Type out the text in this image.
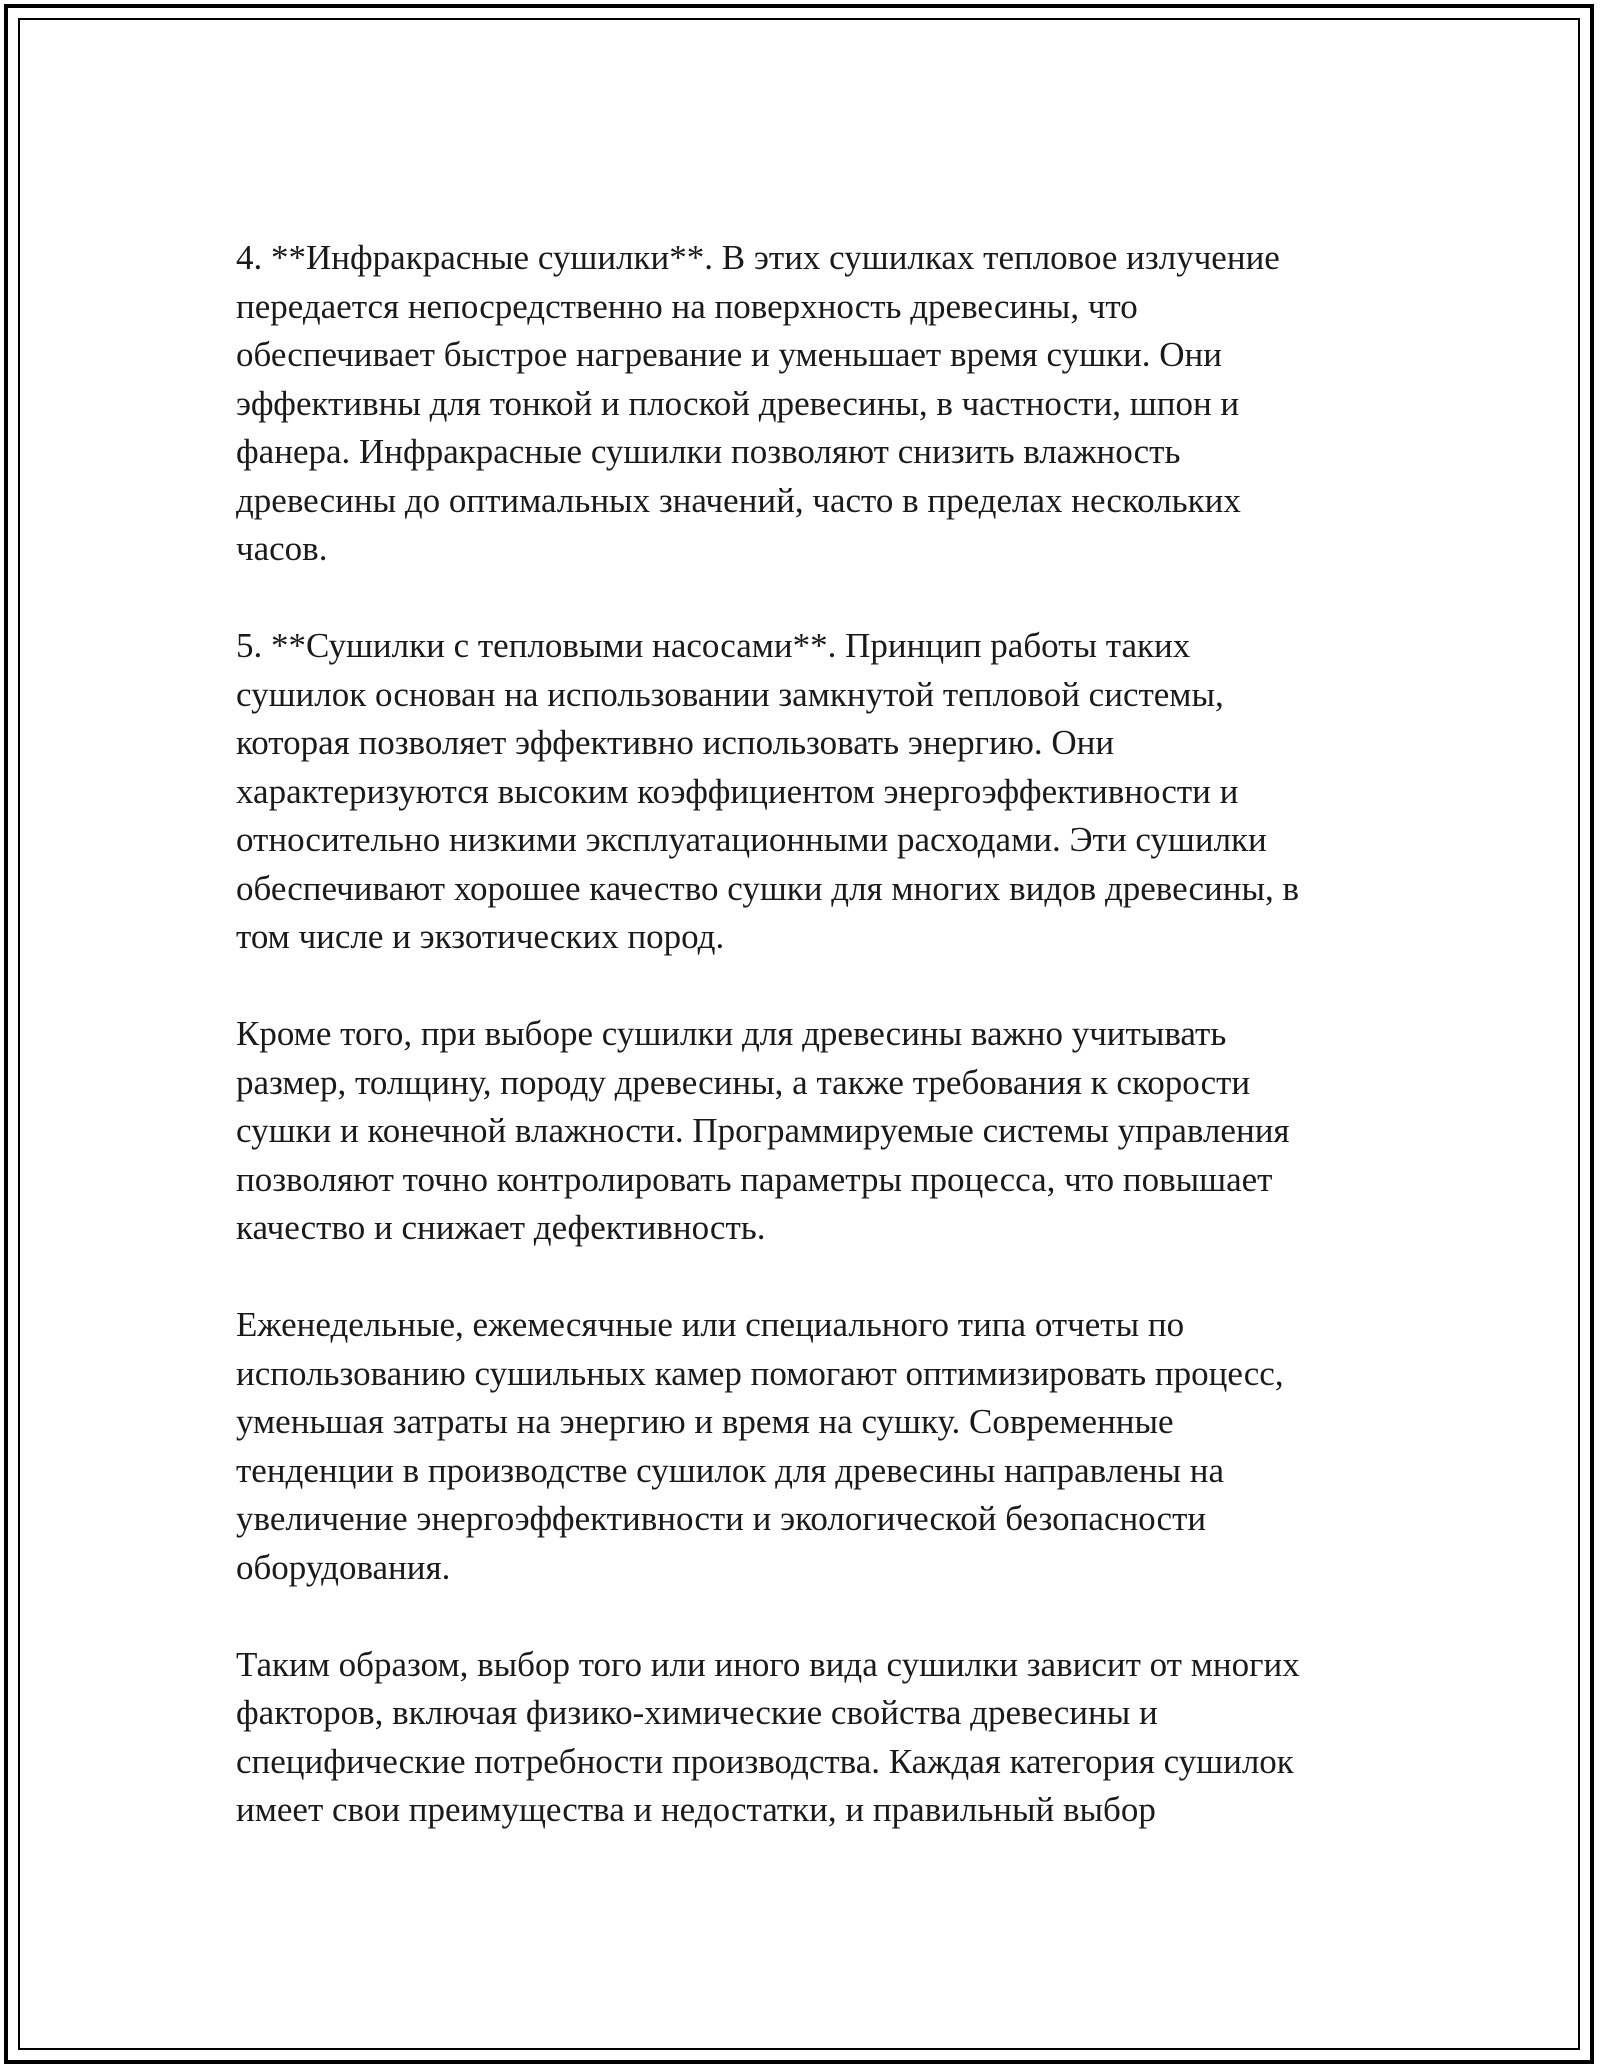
4. **Инфракрасные сушилки**. В этих сушилках тепловое излучение
передается непосредственно на поверхность древесины, что
обеспечивает быстрое нагревание и уменьшает время сушки. Они
эффективны для тонкой и плоской древесины, в частности, шпон и
фанера. Инфракрасные сушилки позволяют снизить влажность
древесины до оптимальных значений, часто в пределах нескольких
часов.

5. **Сушилки с тепловыми насосами**. Принцип работы таких
сушилок основан на использовании замкнутой тепловой системы,
которая позволяет эффективно использовать энергию. Они
характеризуются высоким коэффициентом энергоэффективности и
относительно низкими эксплуатационными расходами. Эти сушилки
обеспечивают хорошее качество сушки для многих видов древесины, в
том числе и экзотических пород.

Кроме того, при выборе сушилки для древесины важно учитывать
размер, толщину, породу древесины, а также требования к скорости
сушки и конечной влажности. Программируемые системы управления
позволяют точно контролировать параметры процесса, что повышает
качество и снижает дефективность.

Еженедельные, ежемесячные или специального типа отчеты по
использованию сушильных камер помогают оптимизировать процесс,
уменьшая затраты на энергию и время на сушку. Современные
тенденции в производстве сушилок для древесины направлены на
увеличение энергоэффективности и экологической безопасности
оборудования.

Таким образом, выбор того или иного вида сушилки зависит от многих
факторов, включая физико-химические свойства древесины и
специфические потребности производства. Каждая категория сушилок
имеет свои преимущества и недостатки, и правильный выбор
